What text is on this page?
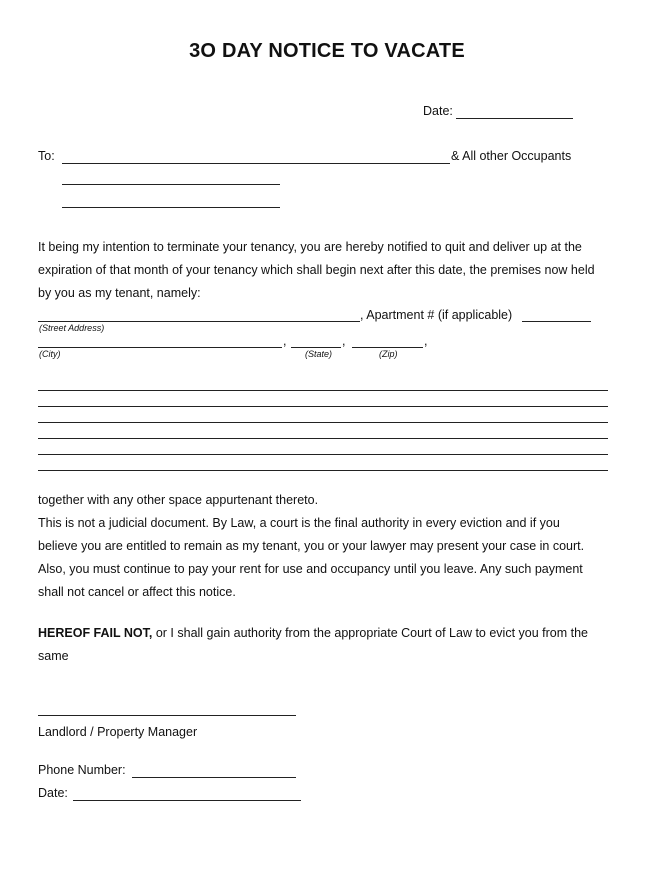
3O DAY NOTICE TO VACATE
Date:
To:	& All other Occupants

It being my intention to terminate your tenancy, you are hereby notified to quit and deliver up at the

expiration of that month of your tenancy which shall begin next after this date, the premises now held

by you as my tenant, namely:

, Apartment # (if applicable)
(Street Address)
,	,	,
(City)	(State)	(Zip)

together with any other space appurtenant thereto.

This is not a judicial document. By Law, a court is the final authority in every eviction and if you

believe you are entitled to remain as my tenant, you or your lawyer may present your case in court.

Also, you must continue to pay your rent for use and occupancy until you leave. Any such payment

shall not cancel or affect this notice.

HEREOF FAIL NOT, or I shall gain authority from the appropriate Court of Law to evict you from the

same

Landlord / Property Manager
Phone Number:
Date:
